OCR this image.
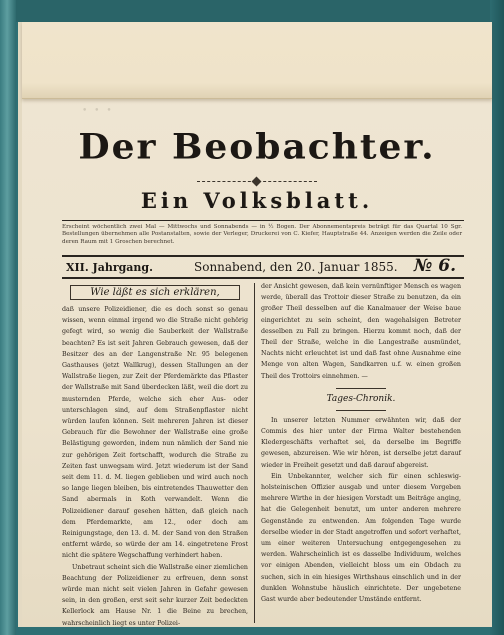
• • •
Der Beobachter.
Ein Volksblatt.
Erscheint wöchentlich zwei Mal — Mittwochs und Sonnabends — in ½ Bogen. Der Abonnementspreis beträgt für das Quartal 10 Sgr. Bestellungen übernehmen alle Postanstalten, sowie der Verleger, Druckerei von C. Kiefer, Hauptstraße 44. Anzeigen werden die Zeile oder deren Raum mit 1 Groschen berechnet.
XII. Jahrgang.	Sonnabend, den 20. Januar 1855. № 6.
Wie läßt es sich erklären,

daß unsere Polizeidiener, die es doch sonst so genau wissen, wenn einmal irgend wo die Straße nicht gehörig gefegt wird, so wenig die Sauberkeit der Wallstraße beachten? Es ist seit Jahren Gebrauch gewesen, daß der Besitzer des an der Langenstraße Nr. 95 belegenen Gasthauses (jetzt Wallkrug), dessen Stallungen an der Wallstraße liegen, zur Zeit der Pferdemärkte das Pflaster der Wallstraße mit Sand überdecken läßt, weil die dort zu musternden Pferde, welche sich eher Aus- oder unterschlagen sind, auf dem Straßenpflaster nicht würden laufen können. Seit mehreren Jahren ist dieser Gebrauch für die Bewohner der Wallstraße eine große Belästigung geworden, indem nun nämlich der Sand nie zur gehörigen Zeit fortschafft, wodurch die Straße zu Zeiten fast unwegsam wird. Jetzt wiederum ist der Sand seit dem 11. d. M. liegen geblieben und wird auch noch so lange liegen bleiben, bis eintretendes Thauwetter den Sand abermals in Koth verwandelt. Wenn die Polizeidiener darauf gesehen hätten, daß gleich nach dem Pferdemarkte, am 12., oder doch am Reinigungstage, den 13. d. M. der Sand von den Straßen entfernt wärde, so würde der am 14. eingetretene Frost nicht die spätere Wegschaffung verhindert haben.

Unbetraut scheint sich die Wallstraße einer ziemlichen Beachtung der Polizeidiener zu erfreuen, denn sonst würde man nicht seit vielen Jahren in Gefahr gewesen sein, in den großen, erst seit sehr kurzer Zeit bedeckten Kellerlock am Hause Nr. 1 die Beine zu brechen, wahrscheinlich liegt es unter Polizei-

der Ansicht gewesen, daß kein vernünftiger Mensch es wagen werde, überall das Trottoir dieser Straße zu benutzen, da ein großer Theil desselben auf die Kanalmauer der Weise baue eingerichtet zu sein scheint, den wagehalsigen Betreter desselben zu Fall zu bringen. Hierzu kommt noch, daß der Theil der Straße, welche in die Langestraße ausmündet, Nachts nicht erleuchtet ist und daß fast ohne Ausnahme eine Menge von alten Wagen, Sandkarren u.f. w. einen großen Theil des Trottoirs einnehmen. —

Tages-Chronik.

In unserer letzten Nummer erwähnten wir, daß der Commis des hier unter der Firma Walter bestehenden Kledergeschäfts verhaftet sei, da derselbe im Begriffe gewesen, abzureisen. Wie wir hören, ist derselbe jetzt darauf wieder in Freiheit gesetzt und daß darauf abgereist.

Ein Unbekannter, welcher sich für einen schleswig-holsteinischen Offizier ausgab und unter diesem Vorgeben mehrere Wirthe in der hiesigen Vorstadt um Beiträge anging, hat die Gelegenheit benutzt, um unter anderen mehrere Gegenstände zu entwenden. Am folgenden Tage wurde derselbe wieder in der Stadt angetroffen und sofort verhaftet, um einer weiteren Untersuchung entgegengesehen zu werden. Wahrscheinlich ist es dasselbe Individuum, welches vor einigen Abenden, vielleicht bloss um ein Obdach zu suchen, sich in ein hiesiges Wirthshaus einschlich und in der dunklen Wohnstube häuslich einrichtete. Der ungebetene Gast wurde aber bedeutender Umstände entfernt.
